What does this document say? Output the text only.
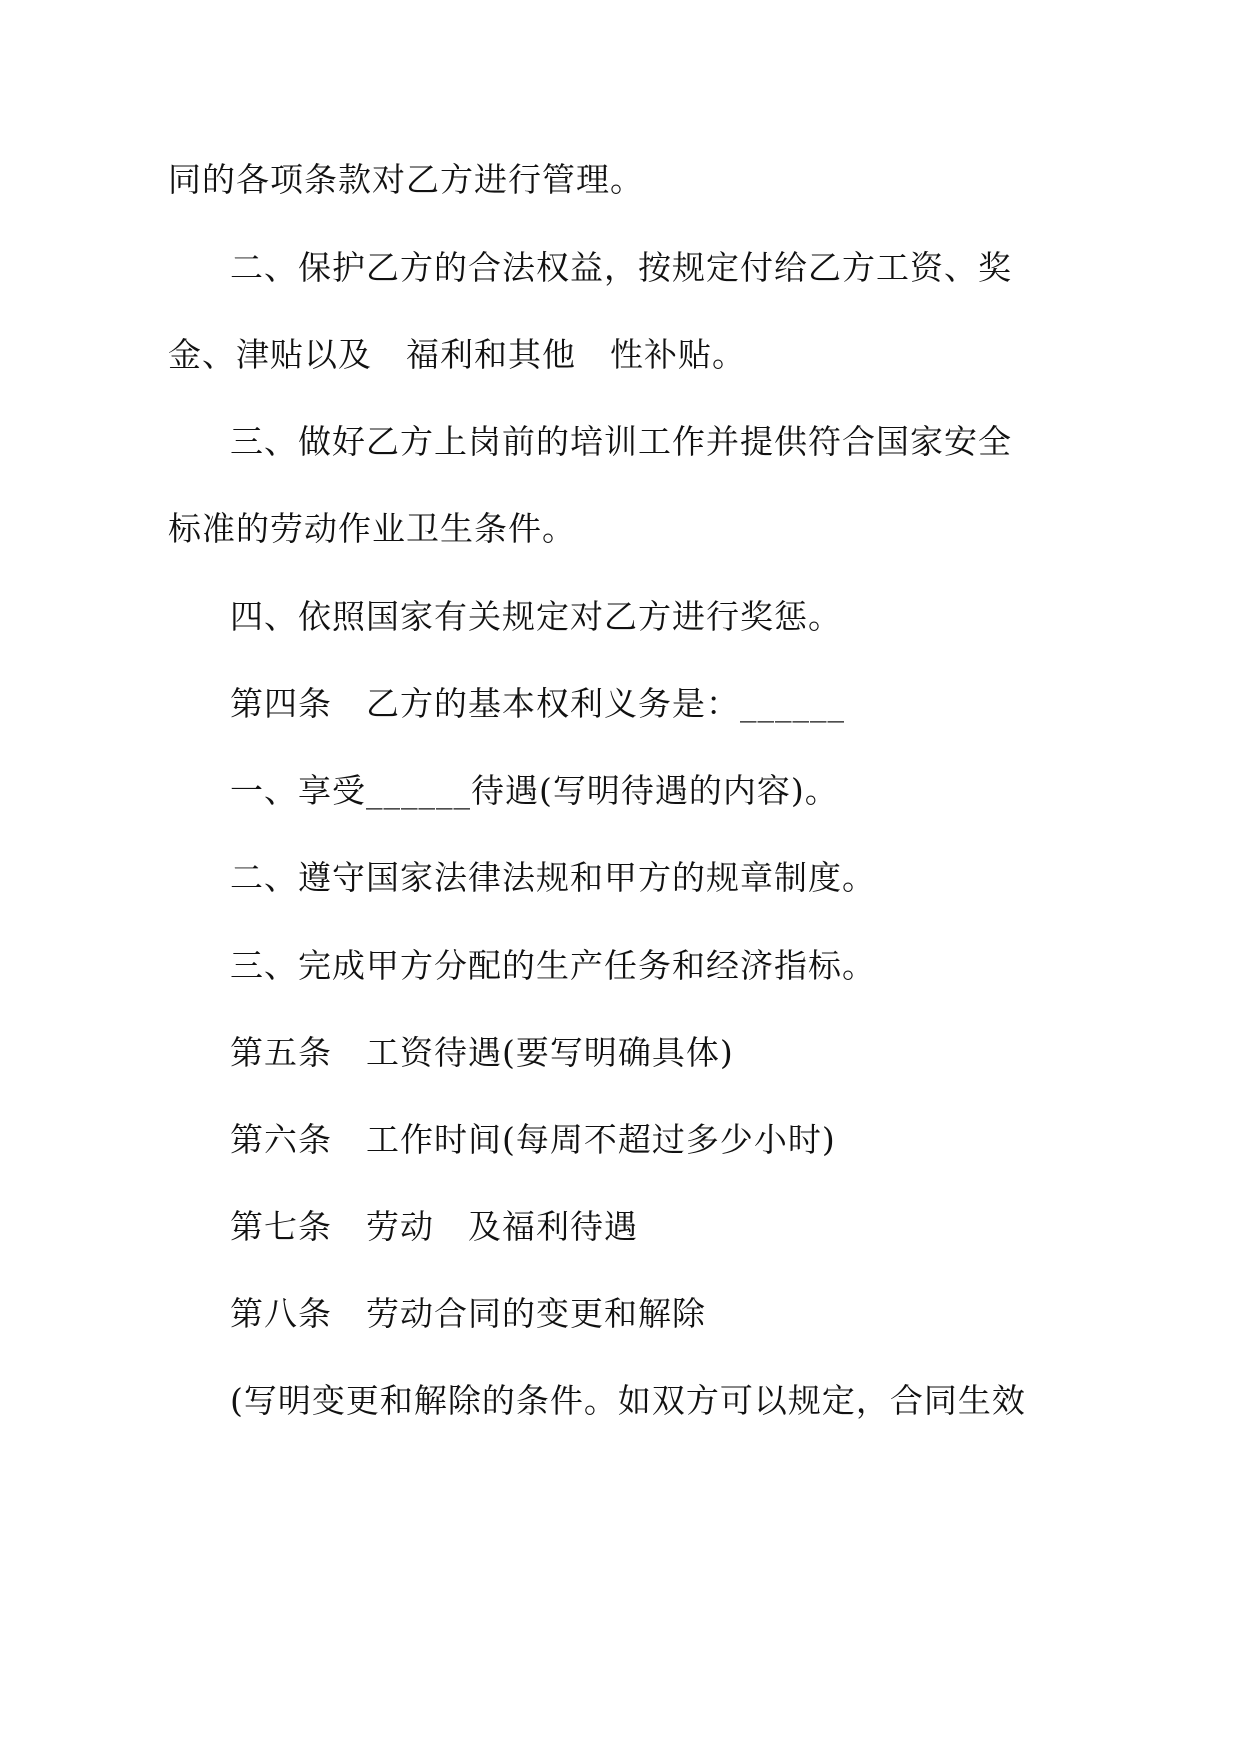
同的各项条款对乙方进行管理。
二、保护乙方的合法权益，按规定付给乙方工资、奖
金、津贴以及　福利和其他　性补贴。
三、做好乙方上岗前的培训工作并提供符合国家安全
标准的劳动作业卫生条件。
四、依照国家有关规定对乙方进行奖惩。
第四条　乙方的基本权利义务是：______
一、享受______待遇(写明待遇的内容)。
二、遵守国家法律法规和甲方的规章制度。
三、完成甲方分配的生产任务和经济指标。
第五条　工资待遇(要写明确具体)
第六条　工作时间(每周不超过多少小时)
第七条　劳动　及福利待遇
第八条　劳动合同的变更和解除
(写明变更和解除的条件。如双方可以规定，合同生效
